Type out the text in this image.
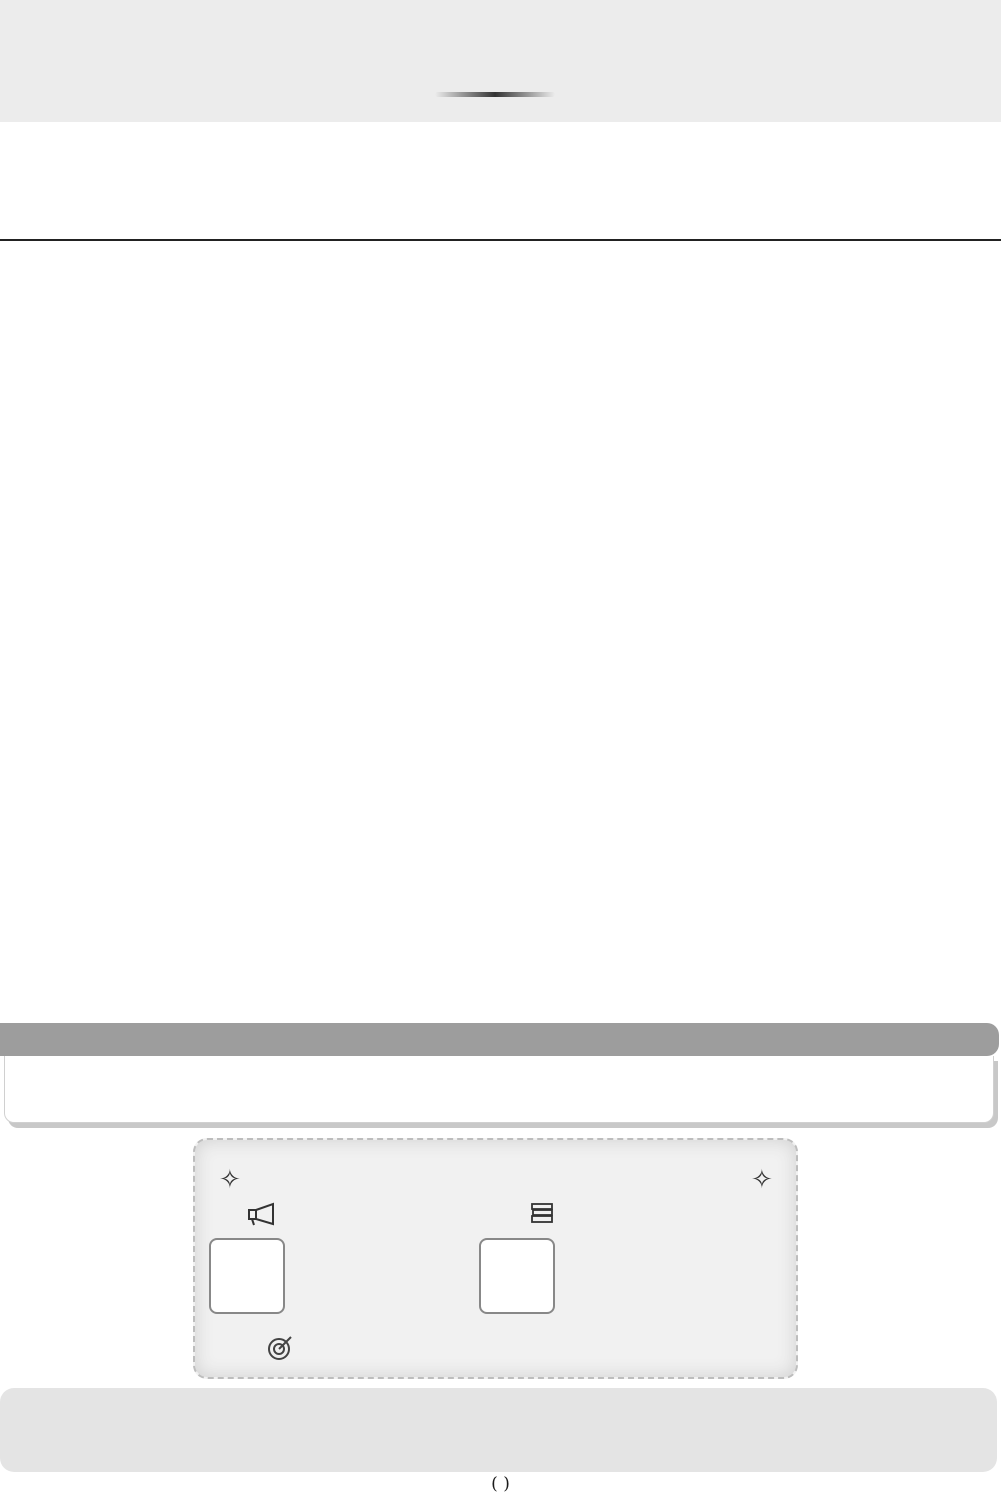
✧	✧
( )
